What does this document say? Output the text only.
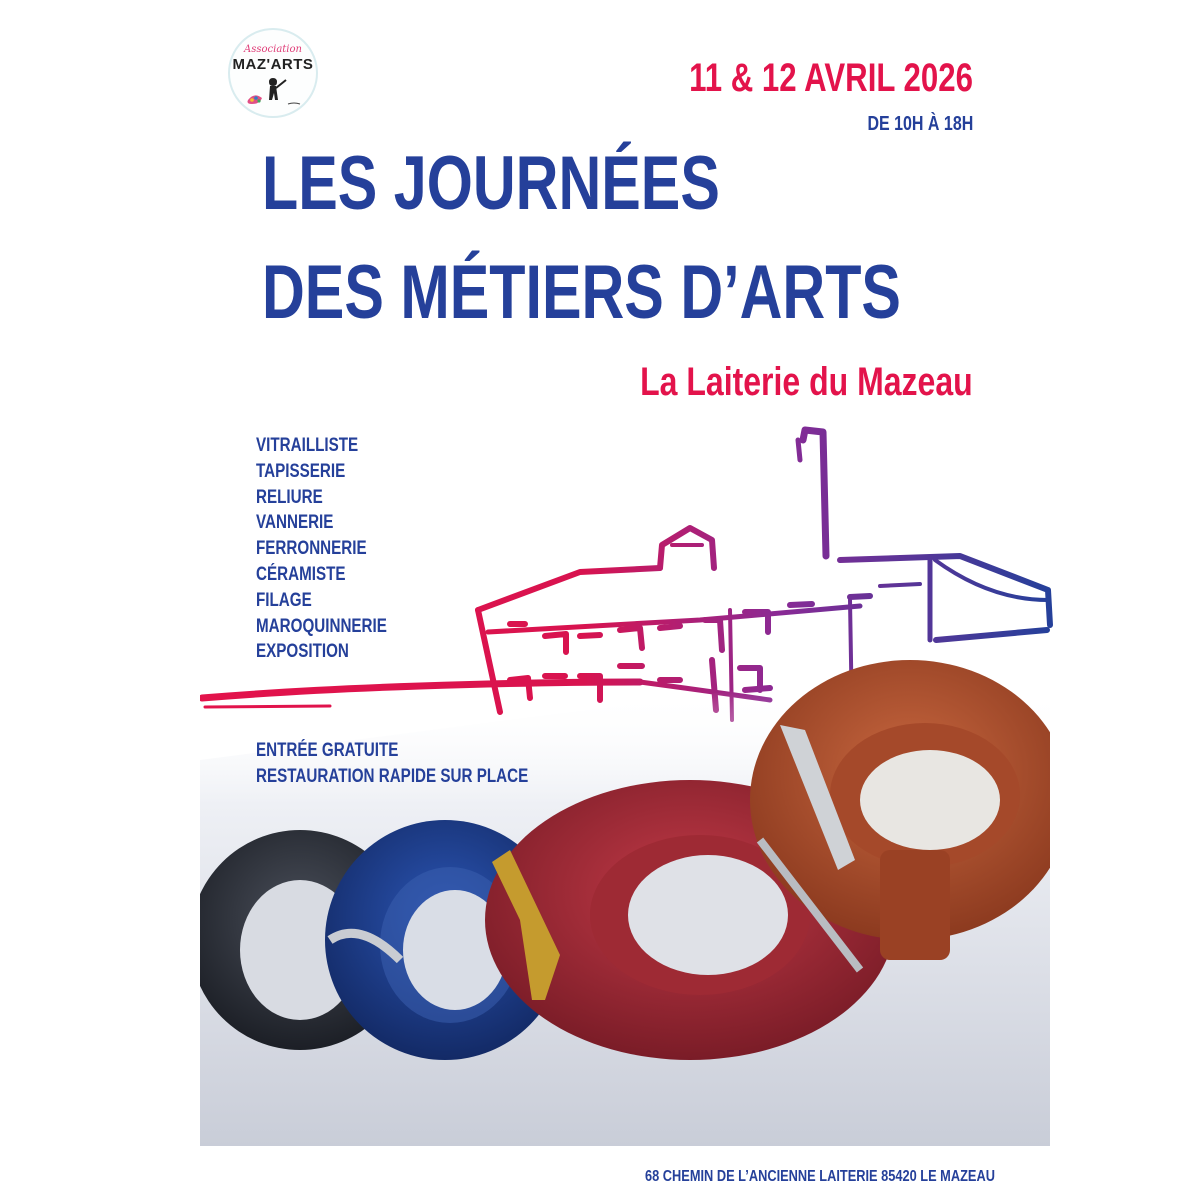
Association
MAZ'ARTS	11 & 12 AVRIL 2026
DE 10H À 18H
LES JOURNÉES
DES MÉTIERS D’ARTS
La Laiterie du Mazeau
VITRAILLISTE
TAPISSERIE
RELIURE
VANNERIE
FERRONNERIE
CÉRAMISTE
FILAGE
MAROQUINNERIE
EXPOSITION
ENTRÉE GRATUITE
RESTAURATION RAPIDE SUR PLACE
68 CHEMIN DE L’ANCIENNE LAITERIE 85420 LE MAZEAU
